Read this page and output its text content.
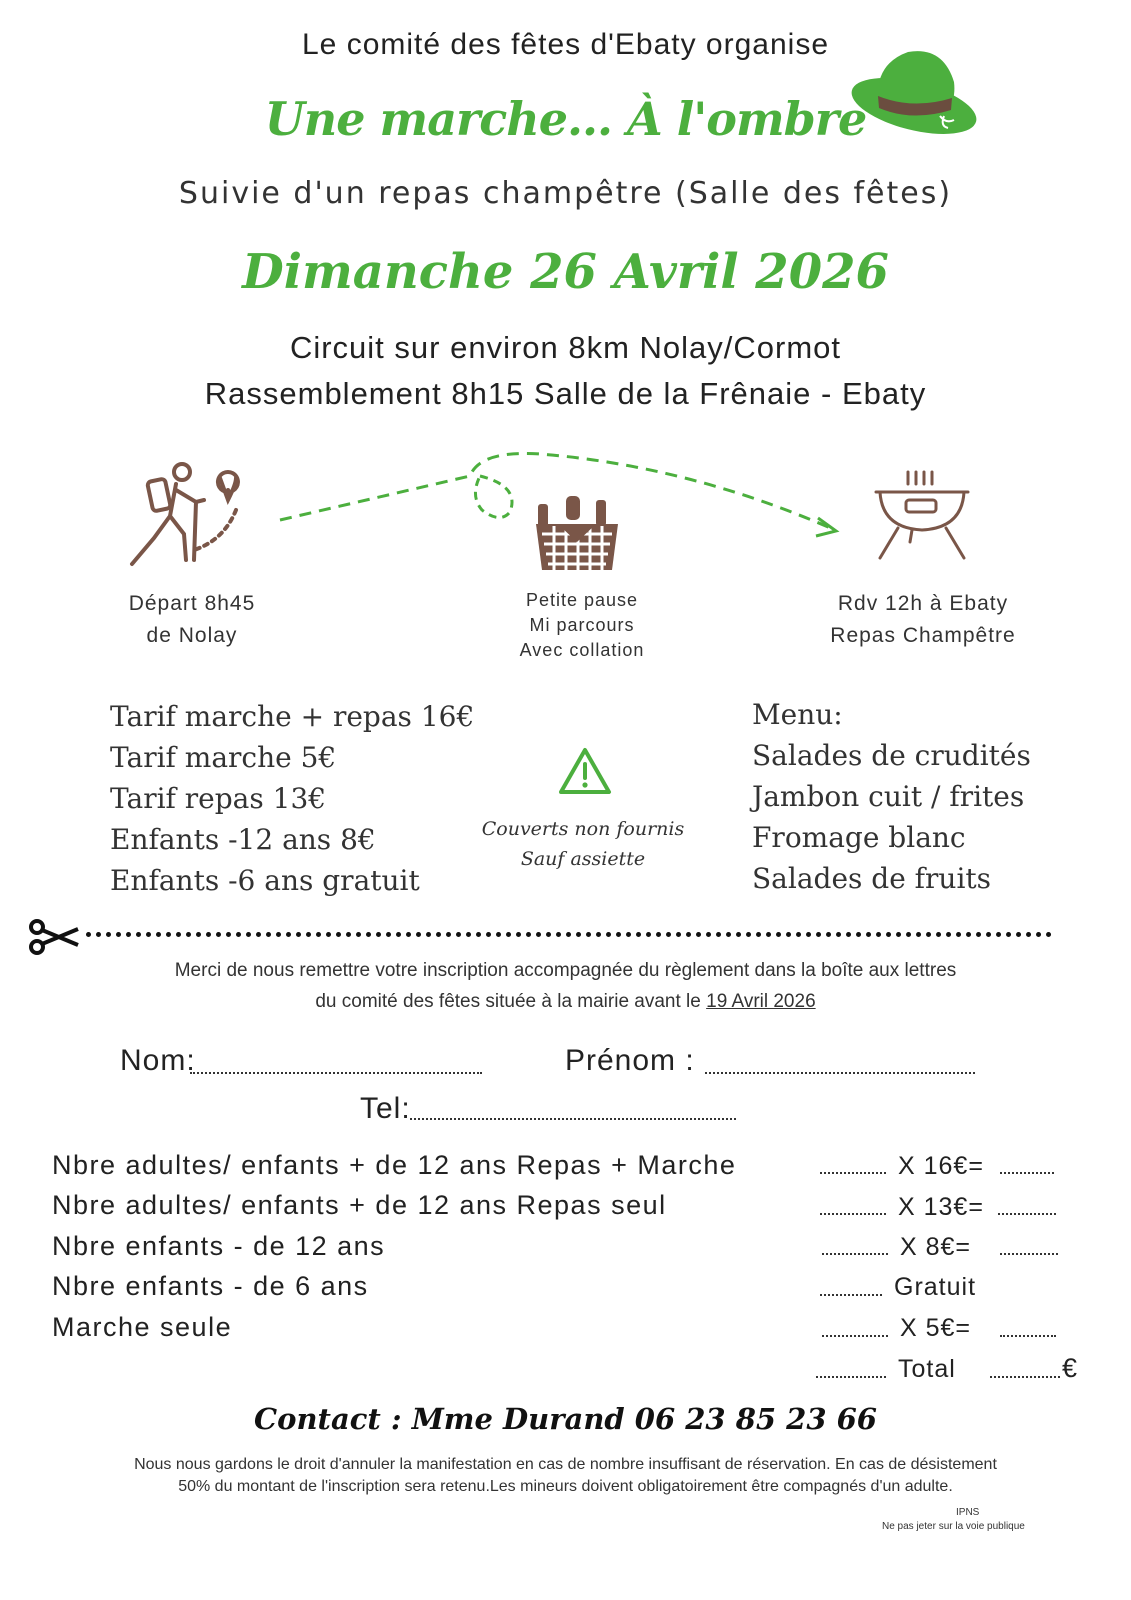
Le comité des fêtes d'Ebaty organise
Une marche... À l'ombre
Suivie d'un repas champêtre (Salle des fêtes)
Dimanche 26 Avril 2026
Circuit sur environ 8km Nolay/Cormot
Rassemblement 8h15 Salle de la Frênaie - Ebaty
Départ 8h45
de Nolay
Petite pause
Mi parcours
Avec collation
Rdv 12h à Ebaty
Repas Champêtre
Tarif marche + repas 16€
Tarif marche 5€
Tarif repas 13€
Enfants -12 ans 8€
Enfants -6 ans gratuit
Couverts non fournis
Sauf assiette
Menu:
Salades de crudités
Jambon cuit / frites
Fromage blanc
Salades de fruits
Merci de nous remettre votre inscription accompagnée du règlement dans la boîte aux lettres
du comité des fêtes située à la mairie avant le 19 Avril 2026
Nom:	Prénom :
Tel:
Nbre adultes/ enfants + de 12 ans Repas + Marche	X 16€=
Nbre adultes/ enfants + de 12 ans Repas seul	X 13€=
Nbre enfants - de 12 ans	X 8€=
Nbre enfants - de 6 ans	Gratuit
Marche seule	X 5€=
Total	€
Contact : Mme Durand 06 23 85 23 66
Nous nous gardons le droit d'annuler la manifestation en cas de nombre insuffisant de réservation. En cas de désistement
50% du montant de l'inscription sera retenu.Les mineurs doivent obligatoirement être compagnés d'un adulte.
IPNS
Ne pas jeter sur la voie publique
